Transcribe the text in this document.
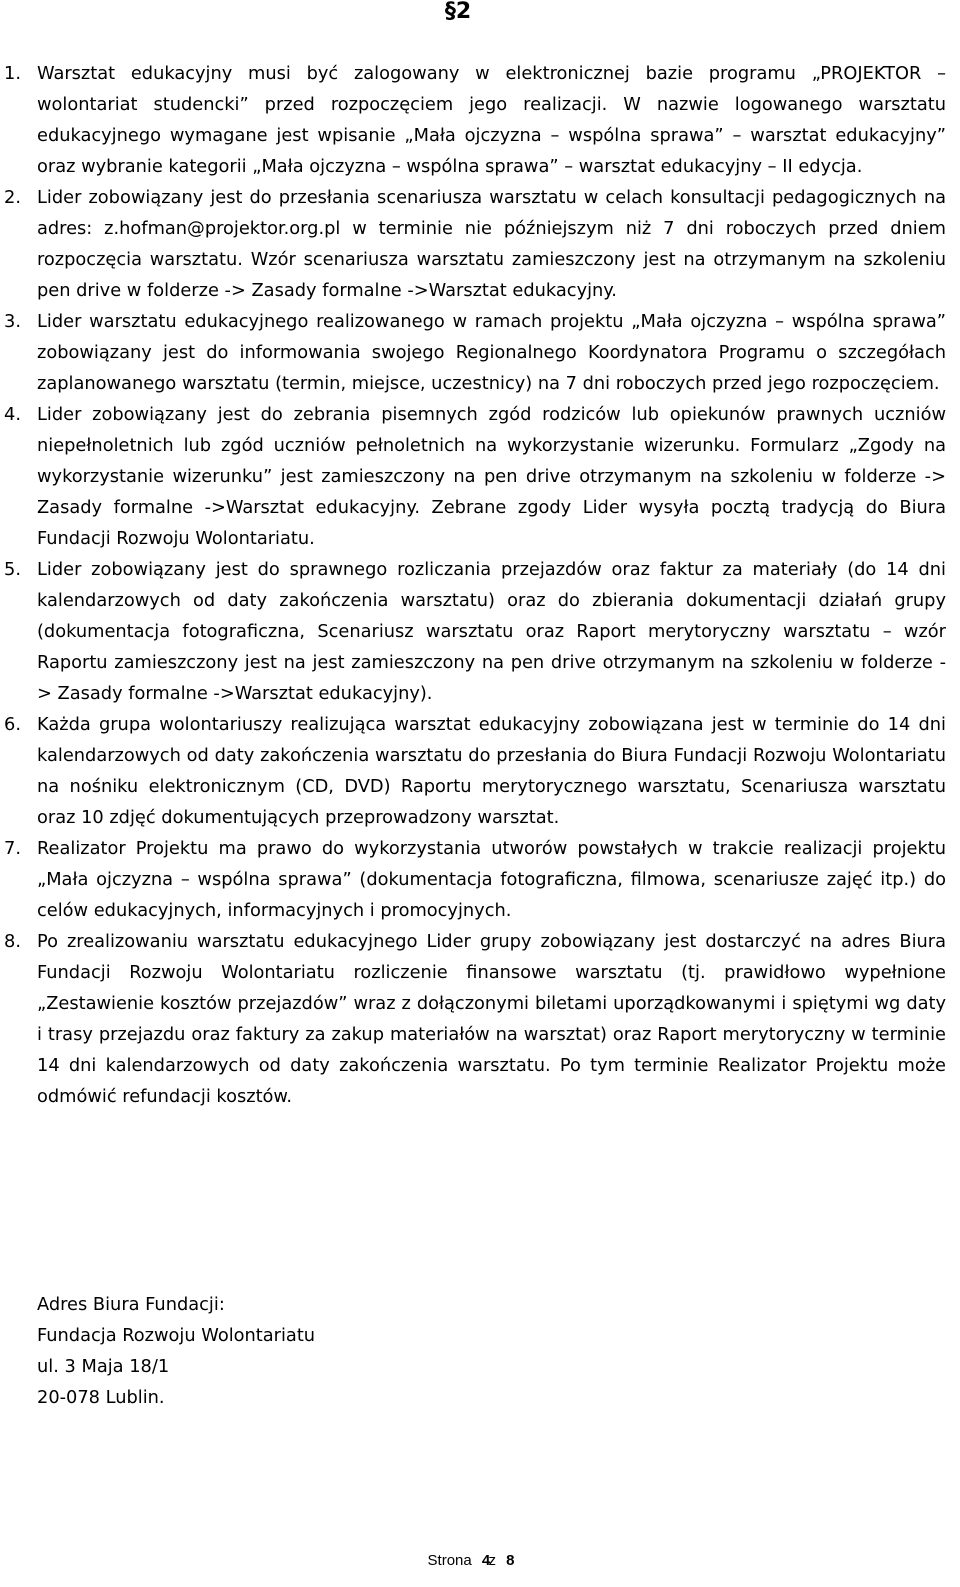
§2
1. Warsztat edukacyjny musi być zalogowany w elektronicznej bazie programu „PROJEKTOR – wolontariat studencki” przed rozpoczęciem jego realizacji. W nazwie logowanego warsztatu edukacyjnego wymagane jest wpisanie „Mała ojczyzna – wspólna sprawa” – warsztat edukacyjny” oraz wybranie kategorii „Mała ojczyzna – wspólna sprawa” – warsztat edukacyjny – II edycja.
2. Lider zobowiązany jest do przesłania scenariusza warsztatu w celach konsultacji pedagogicznych na adres: z.hofman@projektor.org.pl w terminie nie późniejszym niż 7 dni roboczych przed dniem rozpoczęcia warsztatu. Wzór scenariusza warsztatu zamieszczony jest na otrzymanym na szkoleniu pen drive w folderze -> Zasady formalne ->Warsztat edukacyjny.
3. Lider warsztatu edukacyjnego realizowanego w ramach projektu „Mała ojczyzna – wspólna sprawa” zobowiązany jest do informowania swojego Regionalnego Koordynatora Programu o szczegółach zaplanowanego warsztatu (termin, miejsce, uczestnicy) na 7 dni roboczych przed jego rozpoczęciem.
4. Lider zobowiązany jest do zebrania pisemnych zgód rodziców lub opiekunów prawnych uczniów niepełnoletnich lub zgód uczniów pełnoletnich na wykorzystanie wizerunku. Formularz „Zgody na wykorzystanie wizerunku” jest zamieszczony na pen drive otrzymanym na szkoleniu w folderze -> Zasady formalne ->Warsztat edukacyjny. Zebrane zgody Lider wysyła pocztą tradycją do Biura Fundacji Rozwoju Wolontariatu.
5. Lider zobowiązany jest do sprawnego rozliczania przejazdów oraz faktur za materiały (do 14 dni kalendarzowych od daty zakończenia warsztatu) oraz do zbierania dokumentacji działań grupy (dokumentacja fotograficzna, Scenariusz warsztatu oraz Raport merytoryczny warsztatu – wzór Raportu zamieszczony jest na jest zamieszczony na pen drive otrzymanym na szkoleniu w folderze -> Zasady formalne ->Warsztat edukacyjny).
6. Każda grupa wolontariuszy realizująca warsztat edukacyjny zobowiązana jest w terminie do 14 dni kalendarzowych od daty zakończenia warsztatu do przesłania do Biura Fundacji Rozwoju Wolontariatu na nośniku elektronicznym (CD, DVD) Raportu merytorycznego warsztatu, Scenariusza warsztatu oraz 10 zdjęć dokumentujących przeprowadzony warsztat.
7. Realizator Projektu ma prawo do wykorzystania utworów powstałych w trakcie realizacji projektu „Mała ojczyzna – wspólna sprawa” (dokumentacja fotograficzna, filmowa, scenariusze zajęć itp.) do celów edukacyjnych, informacyjnych i promocyjnych.
8. Po zrealizowaniu warsztatu edukacyjnego Lider grupy zobowiązany jest dostarczyć na adres Biura Fundacji Rozwoju Wolontariatu rozliczenie finansowe warsztatu (tj. prawidłowo wypełnione „Zestawienie kosztów przejazdów” wraz z dołączonymi biletami uporządkowanymi i spiętymi wg daty i trasy przejazdu oraz faktury za zakup materiałów na warsztat) oraz Raport merytoryczny w terminie 14 dni kalendarzowych od daty zakończenia warsztatu. Po tym terminie Realizator Projektu może odmówić refundacji kosztów.
Adres Biura Fundacji:
Fundacja Rozwoju Wolontariatu
ul. 3 Maja 18/1
20-078 Lublin.
Strona 4 z 8
